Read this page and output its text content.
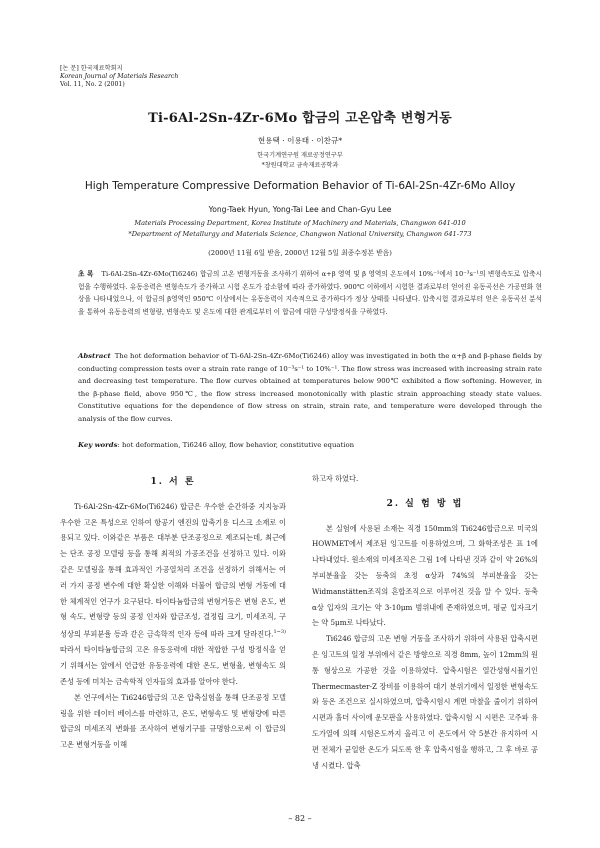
[논 문] 한국재료학회지
Korean Journal of Materials Research
Vol. 11, No. 2 (2001)
Ti-6Al-2Sn-4Zr-6Mo 합금의 고온압축 변형거동
현용택 · 이용태 · 이찬규*
한국기계연구원 재료공정연구부
*창원대학교 금속재료공학과
High Temperature Compressive Deformation Behavior of Ti-6Al-2Sn-4Zr-6Mo Alloy
Yong-Taek Hyun, Yong-Tai Lee and Chan-Gyu Lee
Materials Processing Department, Korea Institute of Machinery and Materials, Changwon 641-010
*Department of Metallurgy and Materials Science, Changwon National University, Changwon 641-773
(2000년 11월 6일 받음, 2000년 12월 5일 최종수정본 받음)
초 록 Ti-6Al-2Sn-4Zr-6Mo(Ti6246) 합금의 고온 변형거동을 조사하기 위하여 α+β 영역 및 β 영역의 온도에서 10%⁻¹에서 10⁻³s⁻¹의 변형속도로 압축시험을 수행하였다. 유동응력은 변형속도가 증가하고 시험 온도가 감소함에 따라 증가하였다. 900℃ 이하에서 시험한 결과로부터 얻어진 유동곡선은 가공연화 현상을 나타내었으나, 이 합금의 β영역인 950℃ 이상에서는 유동응력이 지속적으로 증가하다가 정상 상태를 나타냈다. 압축시험 결과로부터 얻은 유동곡선 분석을 통하여 유동응력의 변형량, 변형속도 및 온도에 대한 관계로부터 이 합금에 대한 구성방정식을 구하였다.
Abstract The hot deformation behavior of Ti-6Al-2Sn-4Zr-6Mo(Ti6246) alloy was investigated in both the α+β and β-phase fields by conducting compression tests over a strain rate range of 10⁻³s⁻¹ to 10%⁻¹. The flow stress was increased with increasing strain rate and decreasing test temperature. The flow curves obtained at temperatures below 900℃ exhibited a flow softening. However, in the β-phase field, above 950℃, the flow stress increased monotonically with plastic strain approaching steady state values. Constitutive equations for the dependence of flow stress on strain, strain rate, and temperature were developed through the analysis of the flow curves.
Key words: hot deformation, Ti6246 alloy, flow behavior, constitutive equation
1. 서 론

Ti-6Al-2Sn-4Zr-6Mo(Ti6246) 합금은 우수한 순간하중 지지능과 우수한 고온 특성으로 인하여 항공기 엔진의 압축기용 디스크 소재로 이용되고 있다. 이와같은 부품은 대부분 단조공정으로 제조되는데, 최근에는 단조 공정 모델링 등을 통해 최적의 가공조건을 선정하고 있다. 이와같은 모델링을 통해 효과적인 가공열처리 조건을 선정하기 위해서는 여러 가지 공정 변수에 대한 확실한 이해와 더불어 합금의 변형 거동에 대한 체계적인 연구가 요구된다. 타이타늄합금의 변형거동은 변형 온도, 변형 속도, 변형량 등의 공정 인자와 합금조성, 결정립 크기, 미세조직, 구성상의 부피분율 등과 같은 금속학적 인자 등에 따라 크게 달라진다.$^{1\sim 3)}$ 따라서 타이타늄합금의 고온 유동응력에 대한 적합한 구성 방정식을 얻기 위해서는 앞에서 언급한 유동응력에 대한 온도, 변형율, 변형속도 의존성 등에 미치는 금속학적 인자들의 효과를 알아야 한다.

본 연구에서는 Ti6246합금의 고온 압축실험을 통해 단조공정 모델링을 위한 데이터 베이스를 마련하고, 온도, 변형속도 및 변형량에 따른 합금의 미세조직 변화를 조사하여 변형기구를 규명함으로써 이 합금의 고온 변형거동을 이해

하고자 하였다.

2. 실 험 방 법

본 실험에 사용된 소재는 직경 150mm의 Ti6246합금으로 미국의 HOWMET에서 제조된 잉고트를 이용하였으며, 그 화학조성은 표 1에 나타내었다. 원소재의 미세조직은 그림 1에 나타낸 것과 같이 약 26%의 부피분율을 갖는 등축의 초정 α상과 74%의 부피분율을 갖는 Widmanstätten조직의 혼합조직으로 이루어진 것을 알 수 있다. 등축 α상 입자의 크기는 약 3-10μm 범위내에 존재하였으며, 평균 입자크기는 약 5μm로 나타났다.

Ti6246 합금의 고온 변형 거동을 조사하기 위하여 사용된 압축시편은 잉고트의 일정 부위에서 같은 방향으로 직경 8mm, 높이 12mm의 원통 형상으로 가공한 것을 이용하였다. 압축시험은 열간성형시뮬기인 Thermecmaster-Z 장비를 이용하여 대기 분위기에서 일정한 변형속도와 등온 조건으로 실시하였으며, 압축시험시 계면 마찰을 줄이기 위하여 시편과 홀더 사이에 운모판을 사용하였다. 압축시험 시 시편은 고주파 유도가열에 의해 시험온도까지 올리고 이 온도에서 약 5분간 유지하여 시편 전체가 균일한 온도가 되도록 한 후 압축시험을 행하고, 그 후 바로 공냉 시켰다. 압축

– 82 –
